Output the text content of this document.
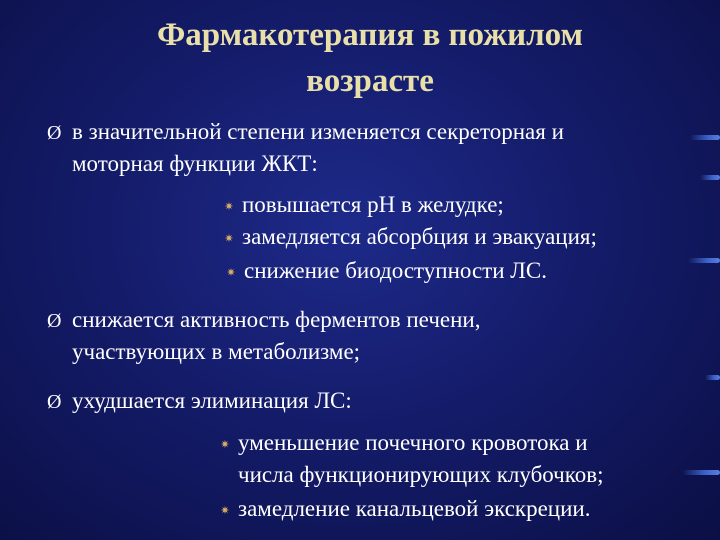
Фармакотерапия в пожилом
возрасте
Ø в значительной степени изменяется секреторная и
моторная функции ЖКТ:
✷ повышается рН в желудке;
✷ замедляется абсорбция и эвакуация;
✷ снижение биодоступности ЛС.
Ø снижается активность ферментов печени,
участвующих в метаболизме;
Ø ухудшается элиминация ЛС:
✷ уменьшение почечного кровотока и
числа функционирующих клубочков;
✷ замедление канальцевой экскреции.
